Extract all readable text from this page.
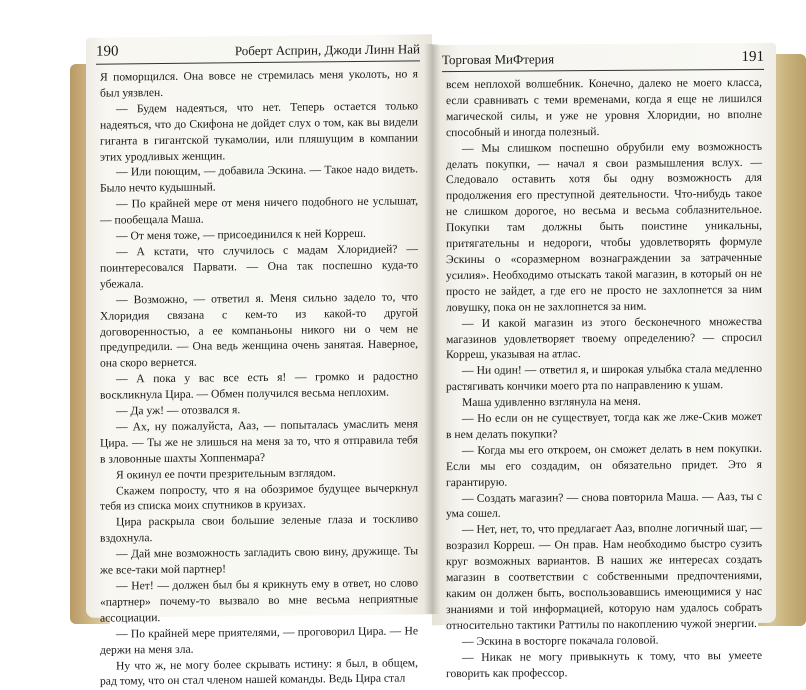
190	Роберт Асприн, Джоди Линн Най

Я поморщился. Она вовсе не стремилась меня уколоть, но я был уязвлен.

— Будем надеяться, что нет. Теперь остается только надеяться, что до Скифона не дойдет слух о том, как вы видели гиганта в гигантской тукамолии, или пляшущим в компании этих уродливых женщин.

— Или поющим, — добавила Эскина. — Такое надо видеть. Было нечто кудышный.

— По крайней мере от меня ничего подобного не услышат, — пообещала Маша.

— От меня тоже, — присоединился к ней Корреш.

— А кстати, что случилось с мадам Хлоридией? — поинтересовался Парвати. — Она так поспешно куда-то убежала.

— Возможно, — ответил я. Меня сильно задело то, что Хлоридия связана с кем-то из какой-то другой договоренностью, а ее компаньоны никого ни о чем не предупредили. — Она ведь женщина очень занятая. Наверное, она скоро вернется.

— А пока у вас все есть я! — громко и радостно воскликнула Цира. — Обмен получился весьма неплохим.

— Да уж! — отозвался я.

— Ах, ну пожалуйста, Ааз, — попыталась умаслить меня Цира. — Ты же не злишься на меня за то, что я отправила тебя в зловонные шахты Хоппенмара?

Я окинул ее почти презрительным взглядом.

Скажем попросту, что я на обозримое будущее вычеркнул тебя из списка моих спутников в круизах.

Цира раскрыла свои большие зеленые глаза и тоскливо вздохнула.

— Дай мне возможность загладить свою вину, дружище. Ты же все-таки мой партнер!

— Нет! — должен был бы я крикнуть ему в ответ, но слово «партнер» почему-то вызвало во мне весьма неприятные ассоциации.

— По крайней мере приятелями, — проговорил Цира. — Не держи на меня зла.

Ну что ж, не могу более скрывать истину: я был, в общем, рад тому, что он стал членом нашей команды. Ведь Цира стал

Торговая МиФтерия	191

всем неплохой волшебник. Конечно, далеко не моего класса, если сравнивать с теми временами, когда я еще не лишился магической силы, и уже не уровня Хлоридии, но вполне способный и иногда полезный.

— Мы слишком поспешно обрубили ему возможность делать покупки, — начал я свои размышления вслух. — Следовало оставить хотя бы одну возможность для продолжения его преступной деятельности. Что-нибудь такое не слишком дорогое, но весьма и весьма соблазнительное. Покупки там должны быть поистине уникальны, притягательны и недороги, чтобы удовлетворять формуле Эскины о «соразмерном вознаграждении за затраченные усилия». Необходимо отыскать такой магазин, в который он не просто не зайдет, а где его не просто не захлопнется за ним ловушку, пока он не захлопнется за ним.

— И какой магазин из этого бесконечного множества магазинов удовлетворяет твоему определению? — спросил Корреш, указывая на атлас.

— Ни один! — ответил я, и широкая улыбка стала медленно растягивать кончики моего рта по направлению к ушам.

Маша удивленно взглянула на меня.

— Но если он не существует, тогда как же лже-Скив может в нем делать покупки?

— Когда мы его откроем, он сможет делать в нем покупки. Если мы его создадим, он обязательно придет. Это я гарантирую.

— Создать магазин? — снова повторила Маша. — Ааз, ты с ума сошел.

— Нет, нет, то, что предлагает Ааз, вполне логичный шаг, — возразил Корреш. — Он прав. Нам необходимо быстро сузить круг возможных вариантов. В наших же интересах создать магазин в соответствии с собственными предпочтениями, каким он должен быть, воспользовавшись имеющимися у нас знаниями и той информацией, которую нам удалось собрать относительно тактики Раттилы по накоплению чужой энергии.

— Эскина в восторге покачала головой.

— Никак не могу привыкнуть к тому, что вы умеете говорить как профессор.
